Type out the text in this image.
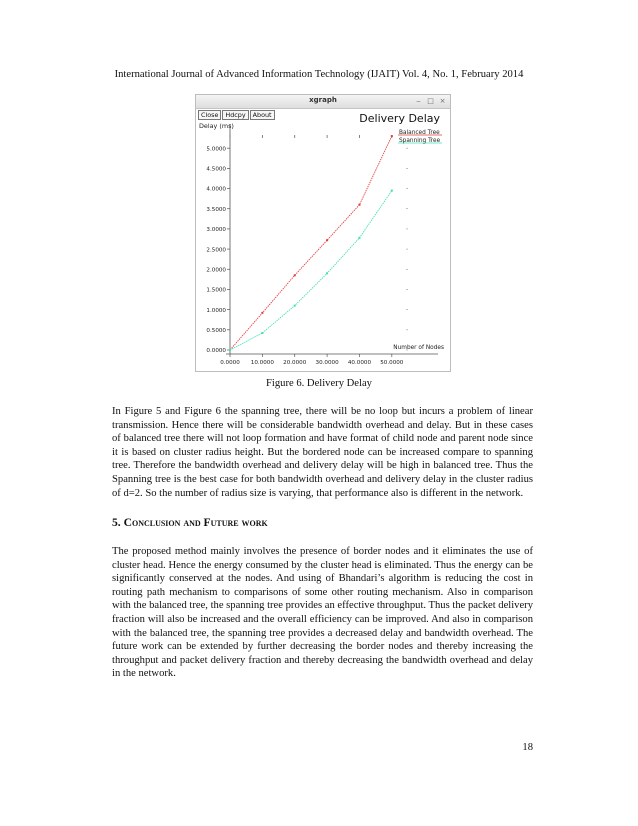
International Journal of Advanced Information Technology (IJAIT) Vol. 4, No. 1, February 2014
xgraph	‒ □ ×
Close	Hdcpy	About
Delay (ms)
Delivery Delay
0.0000
0.5000
1.0000
1.5000
2.0000
2.5000
3.0000
3.5000
4.0000
4.5000
5.0000
0.0000 10.0000 20.0000 30.0000 40.0000 50.0000
Number of Nodes
Balanced Tree
Spanning Tree
Figure 6. Delivery Delay

In Figure 5 and Figure 6 the spanning tree, there will be no loop but incurs a problem of linear transmission. Hence there will be considerable bandwidth overhead and delay. But in these cases of balanced tree there will not loop formation and have format of child node and parent node since it is based on cluster radius height. But the bordered node can be increased compare to spanning tree. Therefore the bandwidth overhead and delivery delay will be high in balanced tree. Thus the Spanning tree is the best case for both bandwidth overhead and delivery delay in the cluster radius of d=2. So the number of radius size is varying, that performance also is different in the network.

5. Conclusion and Future work

The proposed method mainly involves the presence of border nodes and it eliminates the use of cluster head. Hence the energy consumed by the cluster head is eliminated. Thus the energy can be significantly conserved at the nodes. And using of Bhandari’s algorithm is reducing the cost in routing path mechanism to comparisons of some other routing mechanism. Also in comparison with the balanced tree, the spanning tree provides an effective throughput. Thus the packet delivery fraction will also be increased and the overall efficiency can be improved. And also in comparison with the balanced tree, the spanning tree provides a decreased delay and bandwidth overhead. The future work can be extended by further decreasing the border nodes and thereby increasing the throughput and packet delivery fraction and thereby decreasing the bandwidth overhead and delay in the network.

18
